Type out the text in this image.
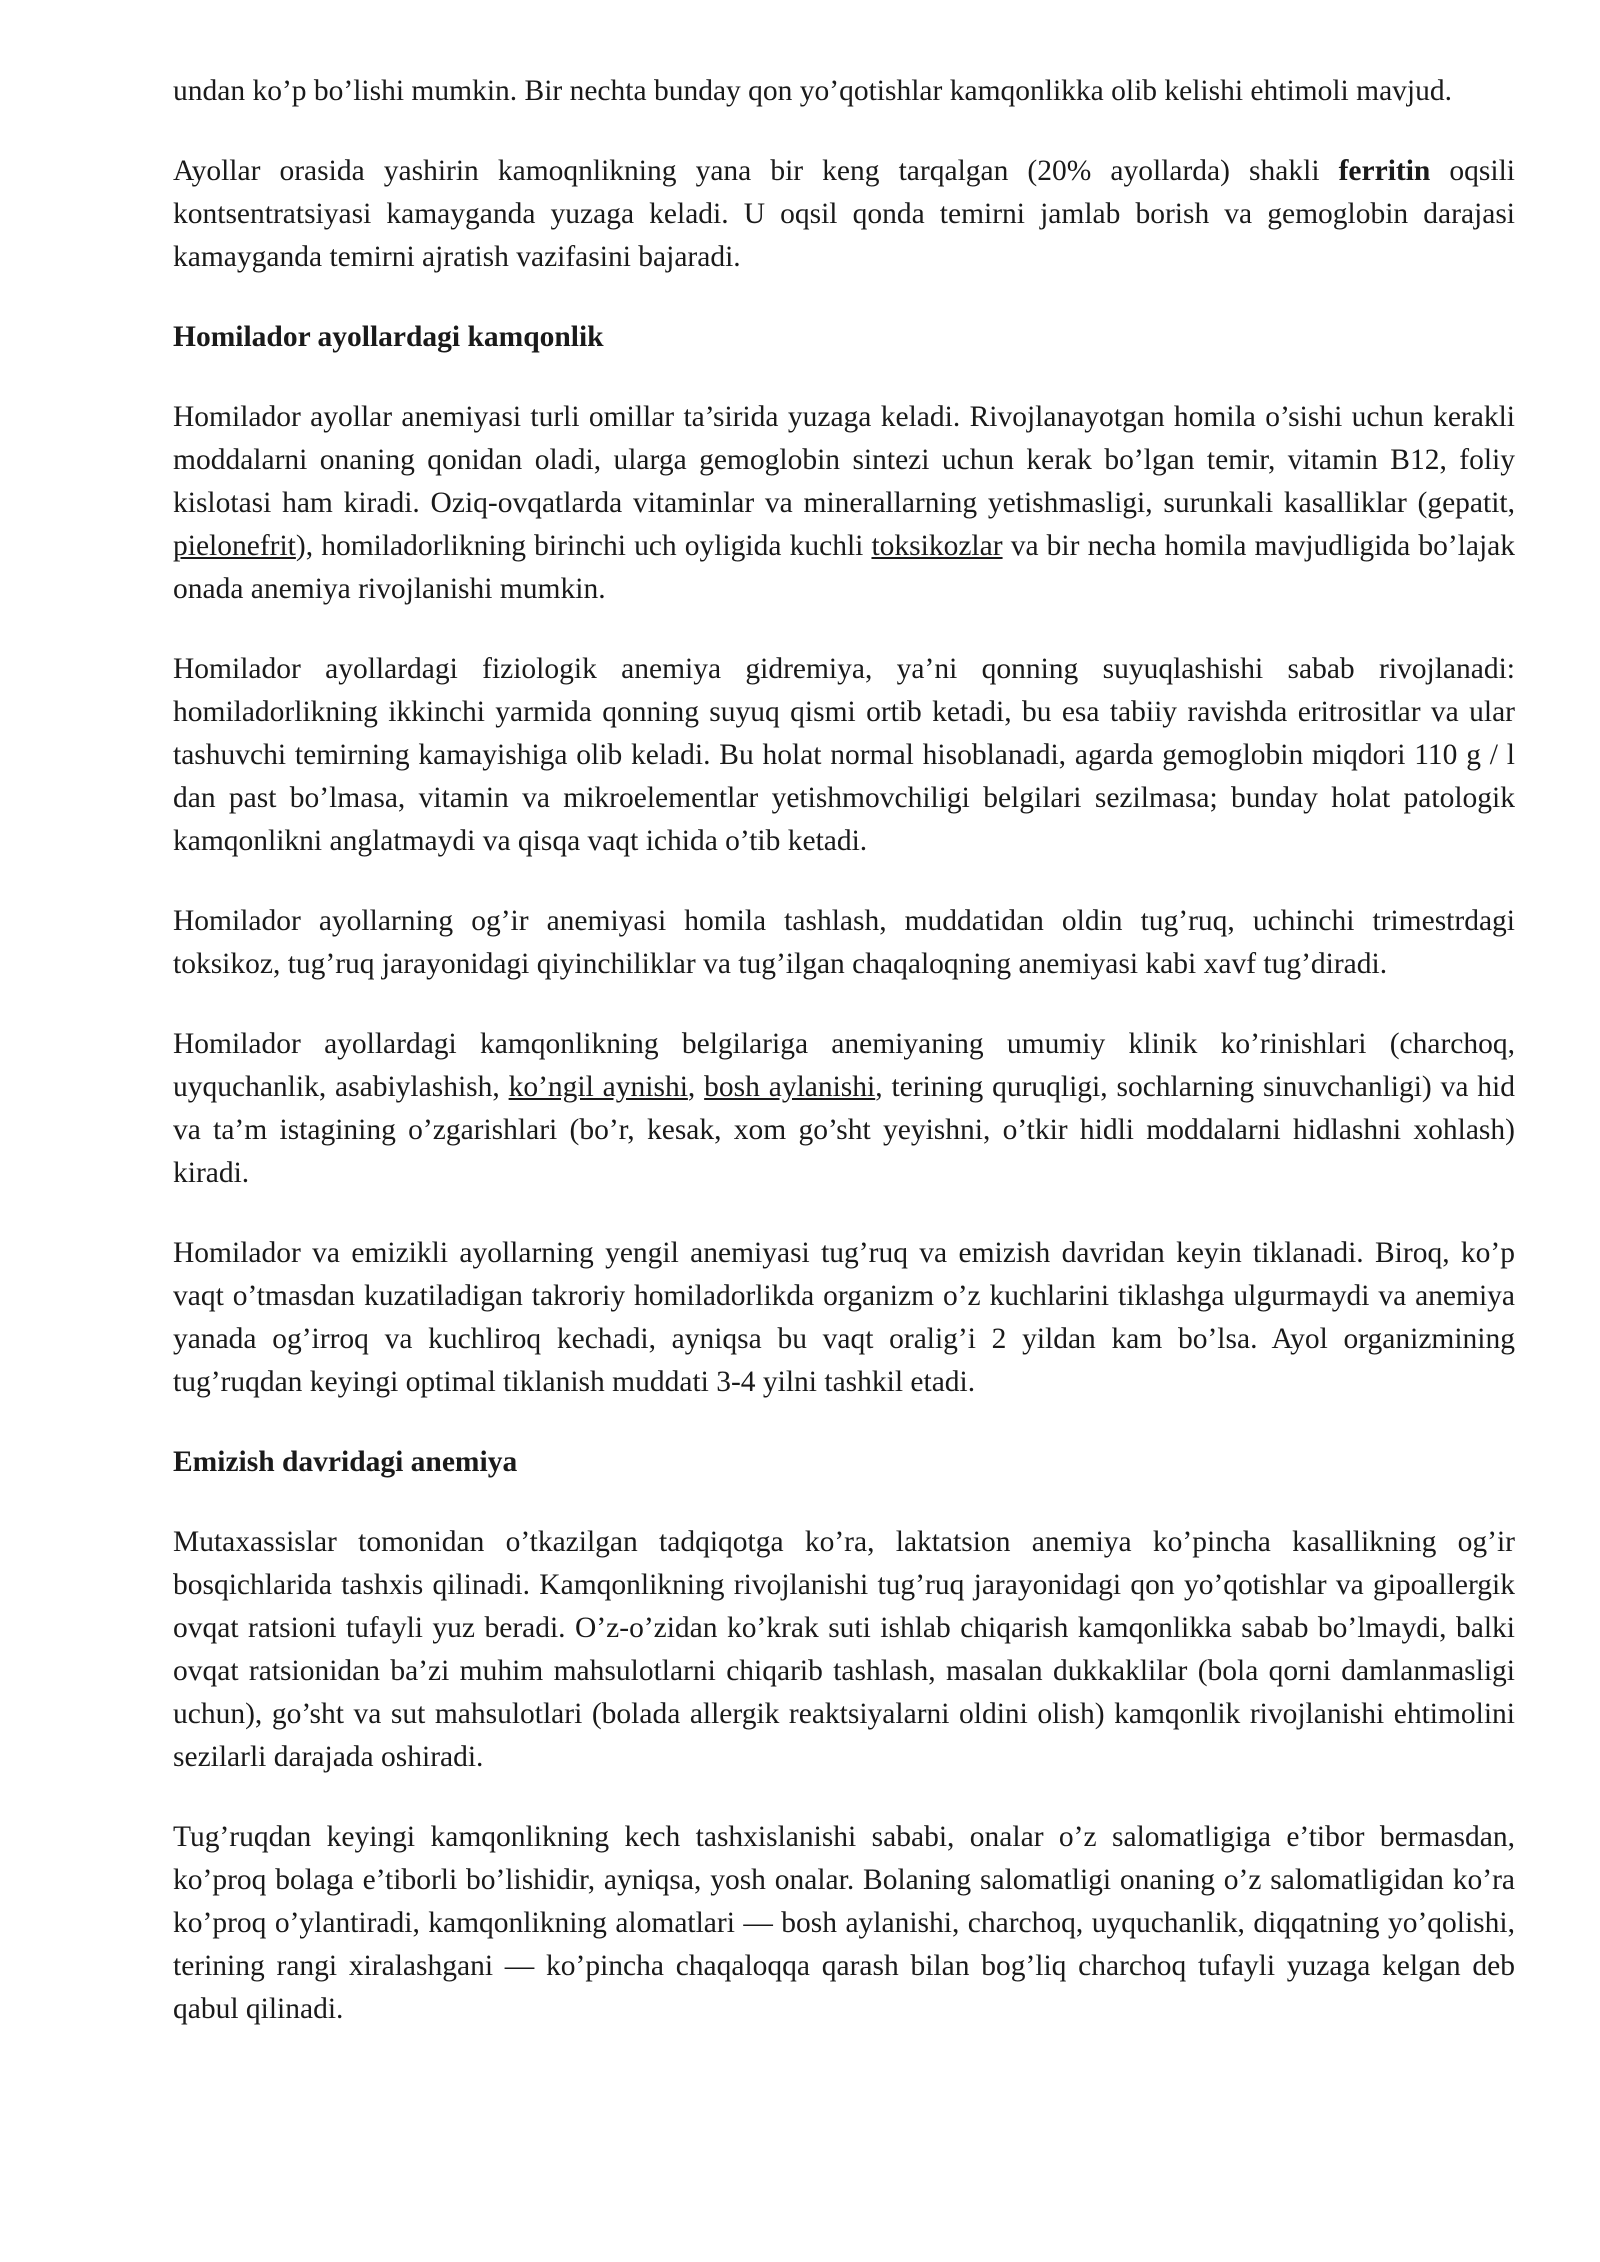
undan ko’p bo’lishi mumkin. Bir nechta bunday qon yo’qotishlar kamqonlikka olib kelishi ehtimoli mavjud.

Ayollar orasida yashirin kamoqnlikning yana bir keng tarqalgan (20% ayollarda) shakli ferritin oqsili kontsentratsiyasi kamayganda yuzaga keladi. U oqsil qonda temirni jamlab borish va gemoglobin darajasi kamayganda temirni ajratish vazifasini bajaradi.

Homilador ayollardagi kamqonlik

Homilador ayollar anemiyasi turli omillar ta’sirida yuzaga keladi. Rivojlanayotgan homila o’sishi uchun kerakli moddalarni onaning qonidan oladi, ularga gemoglobin sintezi uchun kerak bo’lgan temir, vitamin B12, foliy kislotasi ham kiradi. Oziq-ovqatlarda vitaminlar va minerallarning yetishmasligi, surunkali kasalliklar (gepatit, pielonefrit), homiladorlikning birinchi uch oyligida kuchli toksikozlar va bir necha homila mavjudligida bo’lajak onada anemiya rivojlanishi mumkin.

Homilador ayollardagi fiziologik anemiya gidremiya, ya’ni qonning suyuqlashishi sabab rivojlanadi: homiladorlikning ikkinchi yarmida qonning suyuq qismi ortib ketadi, bu esa tabiiy ravishda eritrositlar va ular tashuvchi temirning kamayishiga olib keladi. Bu holat normal hisoblanadi, agarda gemoglobin miqdori 110 g / l dan past bo’lmasa, vitamin va mikroelementlar yetishmovchiligi belgilari sezilmasa; bunday holat patologik kamqonlikni anglatmaydi va qisqa vaqt ichida o’tib ketadi.

Homilador ayollarning og’ir anemiyasi homila tashlash, muddatidan oldin tug’ruq, uchinchi trimestrdagi toksikoz, tug’ruq jarayonidagi qiyinchiliklar va tug’ilgan chaqaloqning anemiyasi kabi xavf tug’diradi.

Homilador ayollardagi kamqonlikning belgilariga anemiyaning umumiy klinik ko’rinishlari (charchoq, uyquchanlik, asabiylashish, ko’ngil aynishi, bosh aylanishi, terining quruqligi, sochlarning sinuvchanligi) va hid va ta’m istagining o’zgarishlari (bo’r, kesak, xom go’sht yeyishni, o’tkir hidli moddalarni hidlashni xohlash) kiradi.

Homilador va emizikli ayollarning yengil anemiyasi tug’ruq va emizish davridan keyin tiklanadi. Biroq, ko’p vaqt o’tmasdan kuzatiladigan takroriy homiladorlikda organizm o’z kuchlarini tiklashga ulgurmaydi va anemiya yanada og’irroq va kuchliroq kechadi, ayniqsa bu vaqt oralig’i 2 yildan kam bo’lsa. Ayol organizmining tug’ruqdan keyingi optimal tiklanish muddati 3-4 yilni tashkil etadi.

Emizish davridagi anemiya

Mutaxassislar tomonidan o’tkazilgan tadqiqotga ko’ra, laktatsion anemiya ko’pincha kasallikning og’ir bosqichlarida tashxis qilinadi. Kamqonlikning rivojlanishi tug’ruq jarayonidagi qon yo’qotishlar va gipoallergik ovqat ratsioni tufayli yuz beradi. O’z-o’zidan ko’krak suti ishlab chiqarish kamqonlikka sabab bo’lmaydi, balki ovqat ratsionidan ba’zi muhim mahsulotlarni chiqarib tashlash, masalan dukkaklilar (bola qorni damlanmasligi uchun), go’sht va sut mahsulotlari (bolada allergik reaktsiyalarni oldini olish) kamqonlik rivojlanishi ehtimolini sezilarli darajada oshiradi.

Tug’ruqdan keyingi kamqonlikning kech tashxislanishi sababi, onalar o’z salomatligiga e’tibor bermasdan, ko’proq bolaga e’tiborli bo’lishidir, ayniqsa, yosh onalar. Bolaning salomatligi onaning o’z salomatligidan ko’ra ko’proq o’ylantiradi, kamqonlikning alomatlari — bosh aylanishi, charchoq, uyquchanlik, diqqatning yo’qolishi, terining rangi xiralashgani — ko’pincha chaqaloqqa qarash bilan bog’liq charchoq tufayli yuzaga kelgan deb qabul qilinadi.
